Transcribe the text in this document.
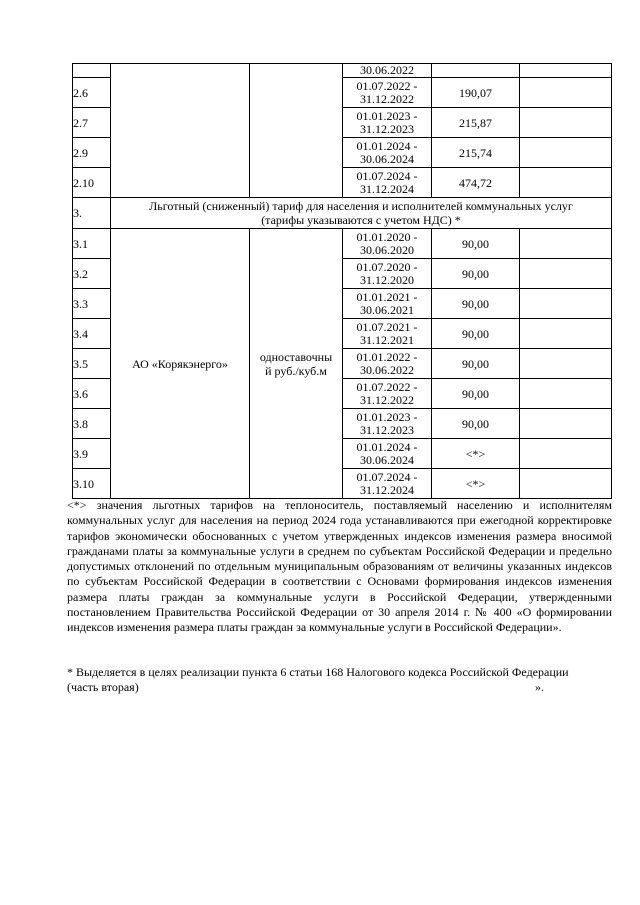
			30.06.2022		
2.6			01.07.2022 -
31.12.2022	190,07	
2.7			01.01.2023 -
31.12.2023	215,87	
2.9			01.01.2024 -
30.06.2024	215,74	
2.10			01.07.2024 -
31.12.2024	474,72	
3.	Льготный (сниженный) тариф для населения и исполнителей коммунальных услуг
(тарифы указываются с учетом НДС) *				
3.1	АО «Корякэнерго»	одноставочны
й руб./куб.м	01.01.2020 -
30.06.2020	90,00	
3.2			01.07.2020 -
31.12.2020	90,00	
3.3			01.01.2021 -
30.06.2021	90,00	
3.4			01.07.2021 -
31.12.2021	90,00	
3.5			01.01.2022 -
30.06.2022	90,00	
3.6			01.07.2022 -
31.12.2022	90,00	
3.8			01.01.2023 -
31.12.2023	90,00	
3.9			01.01.2024 -
30.06.2024	<*>	
3.10			01.07.2024 -
31.12.2024	<*>	

<*> значения льготных тарифов на теплоноситель, поставляемый населению и исполнителям коммунальных услуг для населения на период 2024 года устанавливаются при ежегодной корректировке тарифов экономически обоснованных с учетом утвержденных индексов изменения размера вносимой гражданами платы за коммунальные услуги в среднем по субъектам Российской Федерации и предельно допустимых отклонений по отдельным муниципальным образованиям от величины указанных индексов по субъектам Российской Федерации в соответствии с Основами формирования индексов изменения размера платы граждан за коммунальные услуги в Российской Федерации, утвержденными постановлением Правительства Российской Федерации от 30 апреля 2014 г. № 400 «О формировании индексов изменения размера платы граждан за коммунальные услуги в Российской Федерации».

* Выделяется в целях реализации пункта 6 статьи 168 Налогового кодекса Российской Федерации
(часть вторая)	».
